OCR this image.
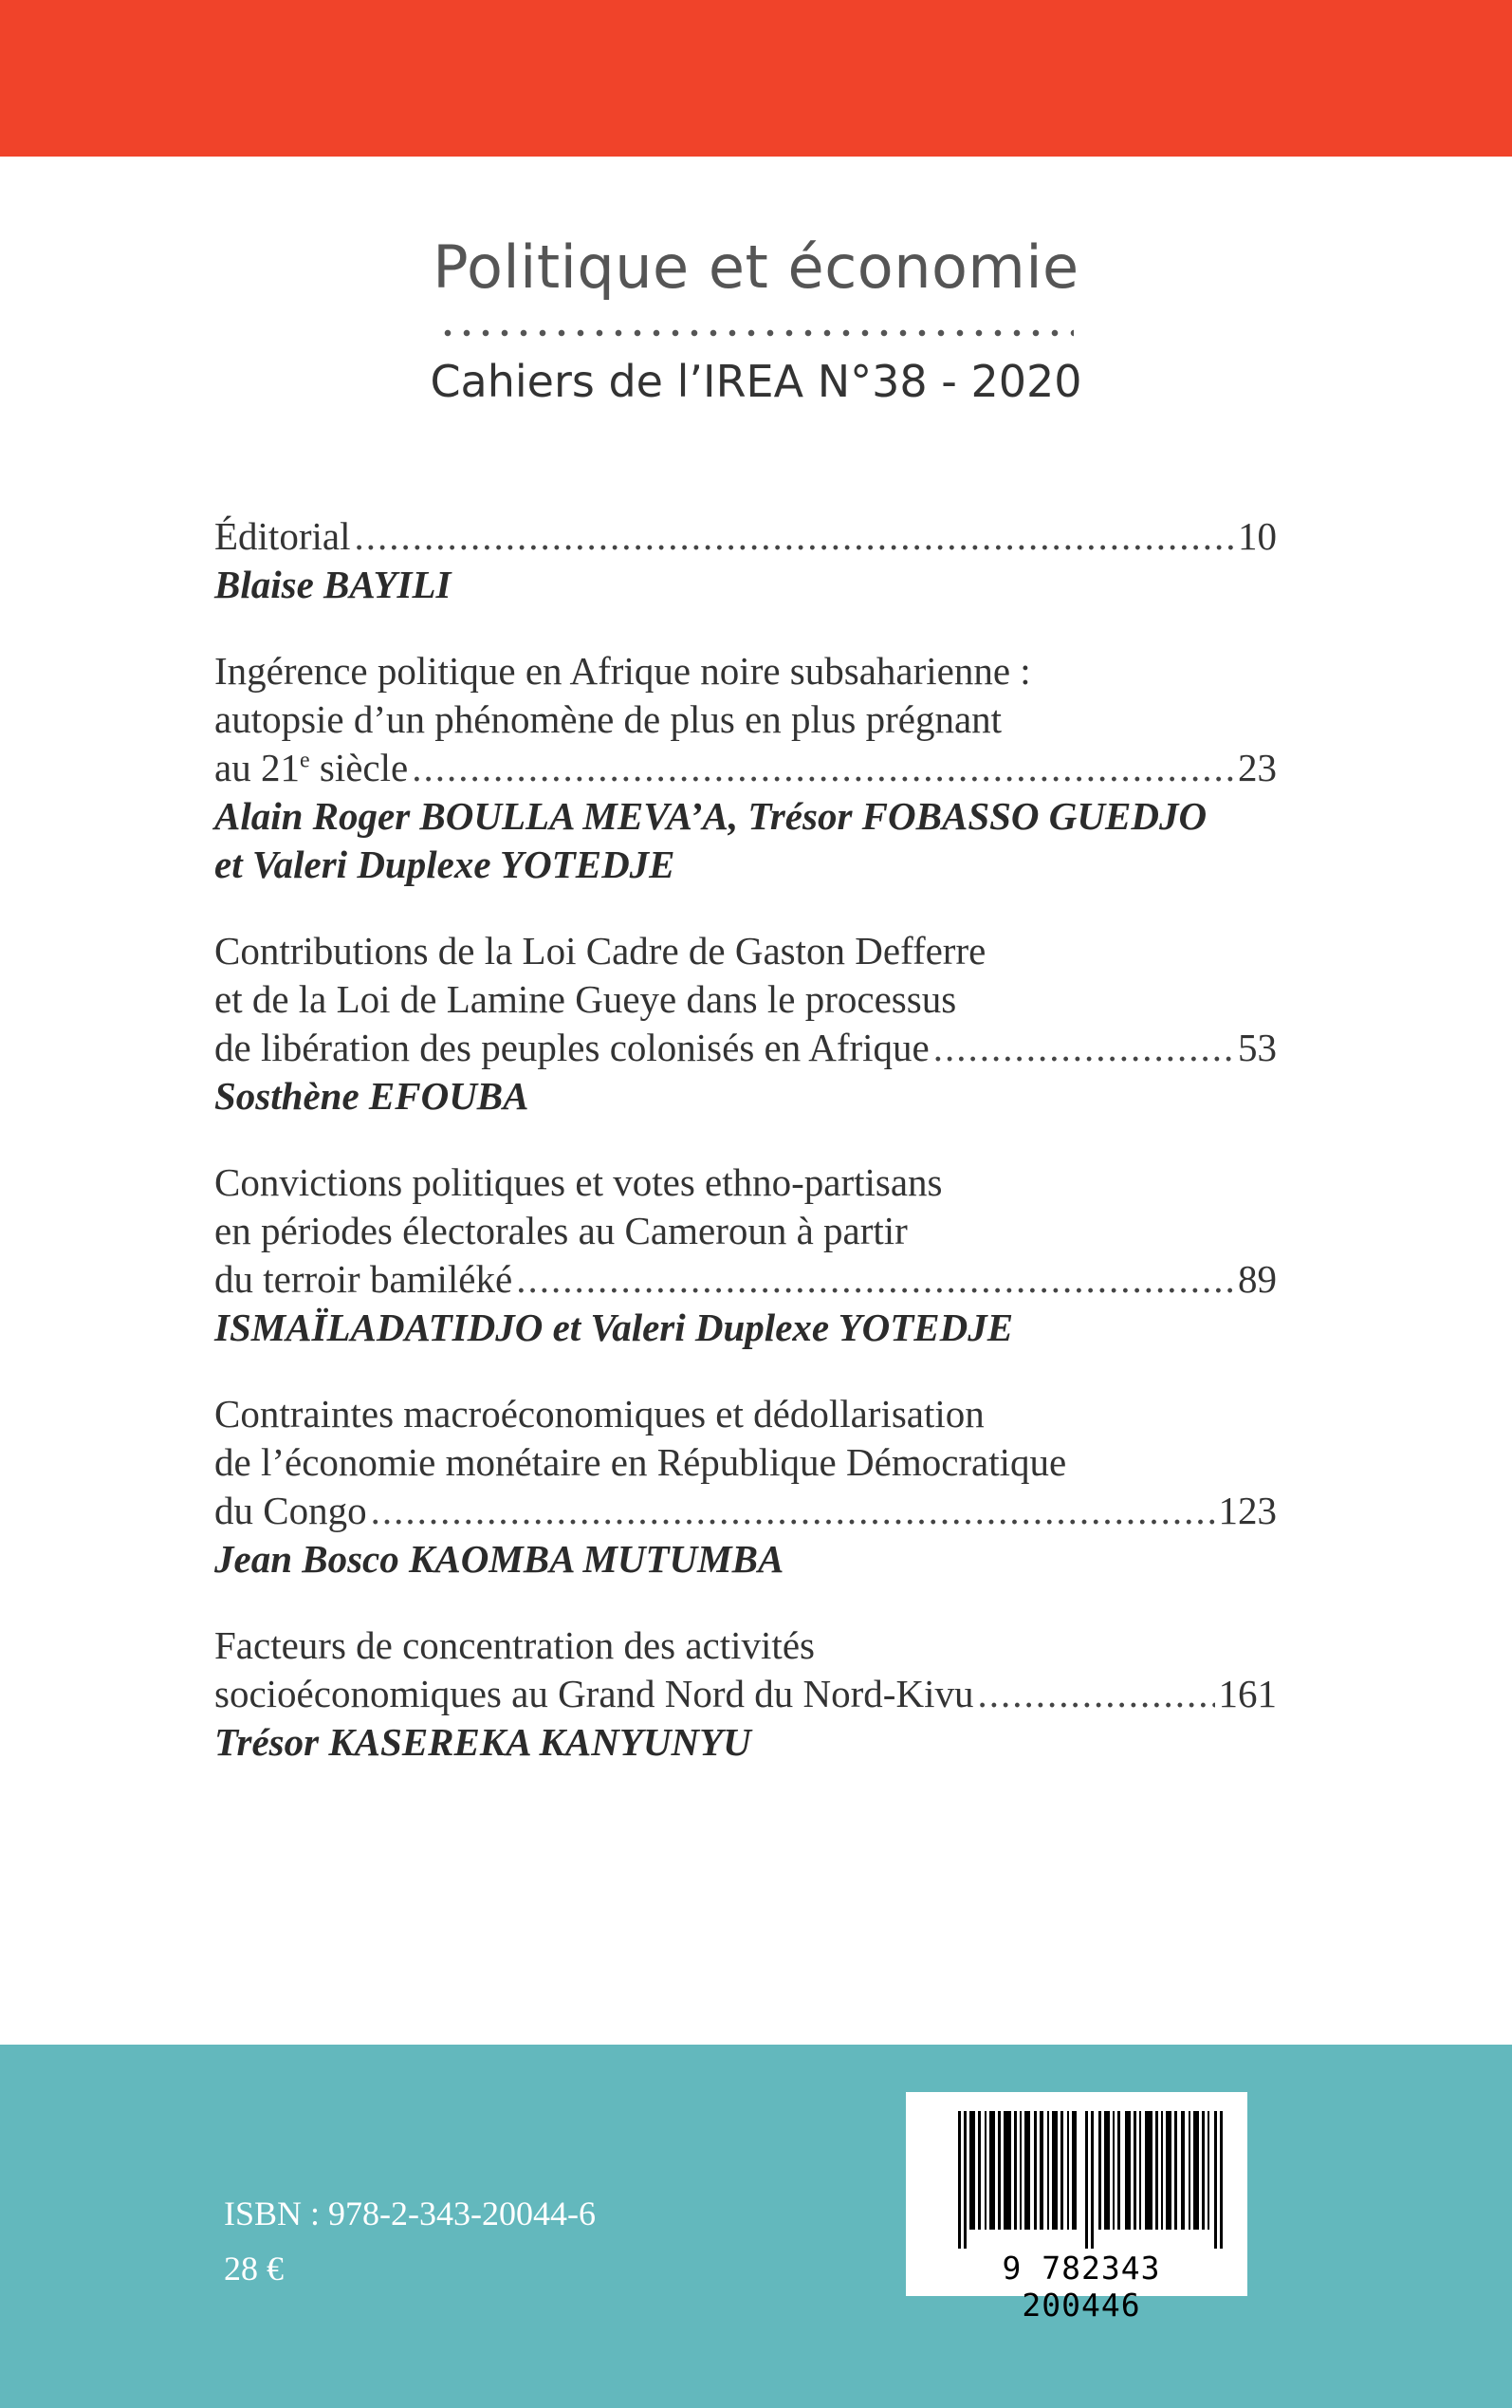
Politique et économie
Cahiers de l’IREA N°38 - 2020
Éditorial .....	10
Blaise BAYILI
Ingérence politique en Afrique noire subsaharienne :
autopsie d’un phénomène de plus en plus prégnant
au 21e siècle .....	23
Alain Roger BOULLA MEVA’A, Trésor FOBASSO GUEDJO
et Valeri Duplexe YOTEDJE
Contributions de la Loi Cadre de Gaston Defferre
et de la Loi de Lamine Gueye dans le processus
de libération des peuples colonisés en Afrique .....	53
Sosthène EFOUBA
Convictions politiques et votes ethno-partisans
en périodes électorales au Cameroun à partir
du terroir bamiléké .....	89
ISMAÏLADATIDJO et Valeri Duplexe YOTEDJE
Contraintes macroéconomiques et dédollarisation
de l’économie monétaire en République Démocratique
du Congo .....	123
Jean Bosco KAOMBA MUTUMBA
Facteurs de concentration des activités
socioéconomiques au Grand Nord du Nord-Kivu .....	161
Trésor KASEREKA KANYUNYU
ISBN : 978-2-343-20044-6
28 €	9 782343 200446
